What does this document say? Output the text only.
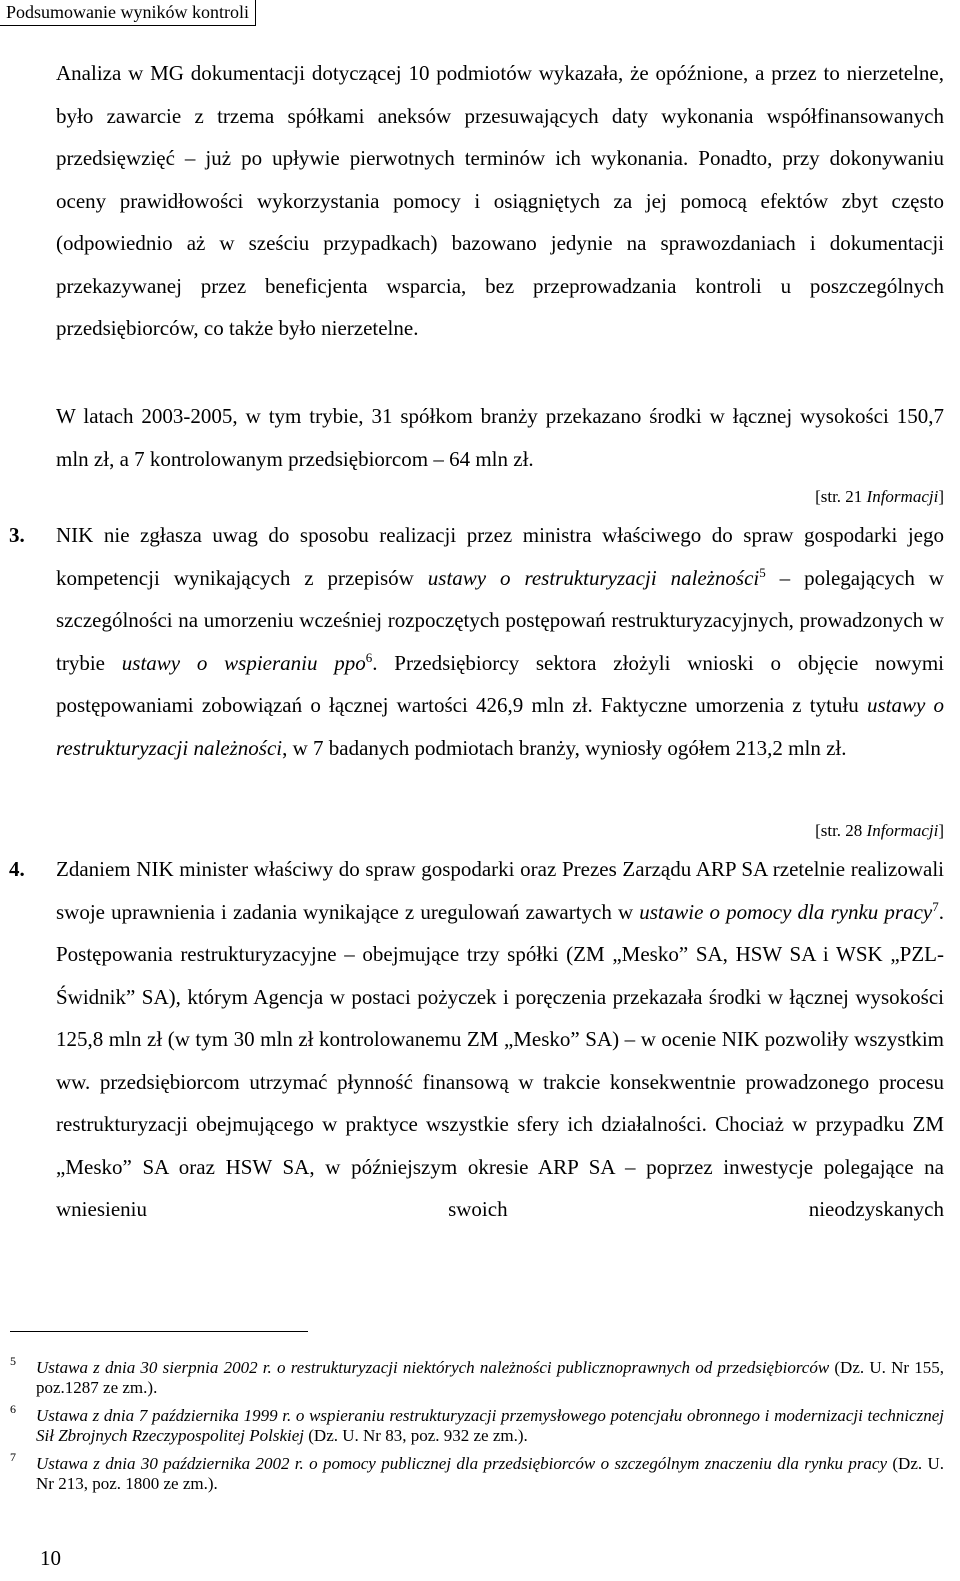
Podsumowanie wyników kontroli
Analiza w MG dokumentacji dotyczącej 10 podmiotów wykazała, że opóźnione, a przez to nierzetelne, było zawarcie z trzema spółkami aneksów przesuwających daty wykonania współfinansowanych przedsięwzięć – już po upływie pierwotnych terminów ich wykonania. Ponadto, przy dokonywaniu oceny prawidłowości wykorzystania pomocy i osiągniętych za jej pomocą efektów zbyt często (odpowiednio aż w sześciu przypadkach) bazowano jedynie na sprawozdaniach i dokumentacji przekazywanej przez beneficjenta wsparcia, bez przeprowadzania kontroli u poszczególnych przedsiębiorców, co także było nierzetelne.
W latach 2003-2005, w tym trybie, 31 spółkom branży przekazano środki w łącznej wysokości 150,7 mln zł, a 7 kontrolowanym przedsiębiorcom – 64 mln zł.
[str. 21 Informacji]
3. NIK nie zgłasza uwag do sposobu realizacji przez ministra właściwego do spraw gospodarki jego kompetencji wynikających z przepisów ustawy o restrukturyzacji należności$^5$ – polegających w szczególności na umorzeniu wcześniej rozpoczętych postępowań restrukturyzacyjnych, prowadzonych w trybie ustawy o wspieraniu ppo$^6$. Przedsiębiorcy sektora złożyli wnioski o objęcie nowymi postępowaniami zobowiązań o łącznej wartości 426,9 mln zł. Faktyczne umorzenia z tytułu ustawy o restrukturyzacji należności, w 7 badanych podmiotach branży, wyniosły ogółem 213,2 mln zł.
[str. 28 Informacji]
4. Zdaniem NIK minister właściwy do spraw gospodarki oraz Prezes Zarządu ARP SA rzetelnie realizowali swoje uprawnienia i zadania wynikające z uregulowań zawartych w ustawie o pomocy dla rynku pracy$^7$. Postępowania restrukturyzacyjne – obejmujące trzy spółki (ZM „Mesko” SA, HSW SA i WSK „PZL-Świdnik” SA), którym Agencja w postaci pożyczek i poręczenia przekazała środki w łącznej wysokości 125,8 mln zł (w tym 30 mln zł kontrolowanemu ZM „Mesko” SA) – w ocenie NIK pozwoliły wszystkim ww. przedsiębiorcom utrzymać płynność finansową w trakcie konsekwentnie prowadzonego procesu restrukturyzacji obejmującego w praktyce wszystkie sfery ich działalności. Chociaż w przypadku ZM „Mesko” SA oraz HSW SA, w późniejszym okresie ARP SA – poprzez inwestycje polegające na wniesieniu swoich nieodzyskanych
5 Ustawa z dnia 30 sierpnia 2002 r. o restrukturyzacji niektórych należności publicznoprawnych od przedsiębiorców (Dz. U. Nr 155, poz.1287 ze zm.).
6 Ustawa z dnia 7 października 1999 r. o wspieraniu restrukturyzacji przemysłowego potencjału obronnego i modernizacji technicznej Sił Zbrojnych Rzeczypospolitej Polskiej (Dz. U. Nr 83, poz. 932 ze zm.).
7 Ustawa z dnia 30 października 2002 r. o pomocy publicznej dla przedsiębiorców o szczególnym znaczeniu dla rynku pracy (Dz. U. Nr 213, poz. 1800 ze zm.).
10
